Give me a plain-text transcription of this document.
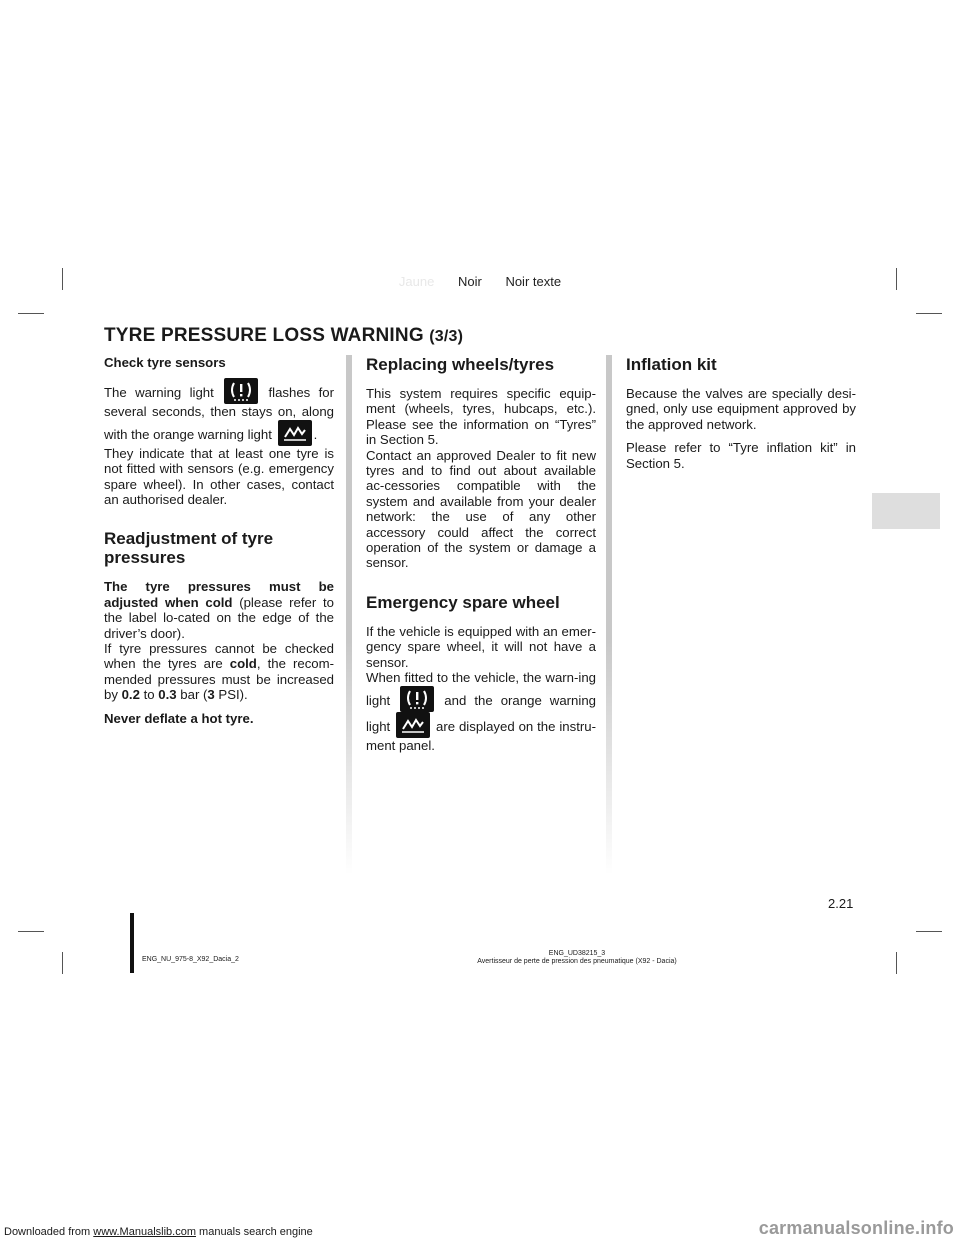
Downloaded from www.Manualslib.com manuals search engine	carmanualsonline.info
Jaune Noir Noir texte
TYRE PRESSURE LOSS WARNING (3/3)

Check tyre sensors

The warning light	flashes for several seconds, then stays on, along with the orange warning light	.
They indicate that at least one tyre is not fitted with sensors (e.g. emergency spare wheel). In other cases, contact an authorised dealer.

Readjustment of tyre pressures

The tyre pressures must be adjusted when cold (please refer to the label lo-cated on the edge of the driver’s door).
If tyre pressures cannot be checked when the tyres are cold, the recom-mended pressures must be increased by 0.2 to 0.3 bar (3 PSI).

Never deflate a hot tyre.

Replacing wheels/tyres

This system requires specific equip-ment (wheels, tyres, hubcaps, etc.). Please see the information on “Tyres” in Section 5.
Contact an approved Dealer to fit new tyres and to find out about available ac-cessories compatible with the system and available from your dealer network: the use of any other accessory could affect the correct operation of the system or damage a sensor.

Emergency spare wheel

If the vehicle is equipped with an emer-gency spare wheel, it will not have a sensor.
When fitted to the vehicle, the warn-ing light	and the orange warning light	are displayed on the instru-ment panel.

Inflation kit

Because the valves are specially desi-gned, only use equipment approved by the approved network.

Please refer to “Tyre inflation kit” in Section 5.

2.21
ENG_NU_975-8_X92_Dacia_2
ENG_UD38215_3
Avertisseur de perte de pression des pneumatique (X92 - Dacia)
